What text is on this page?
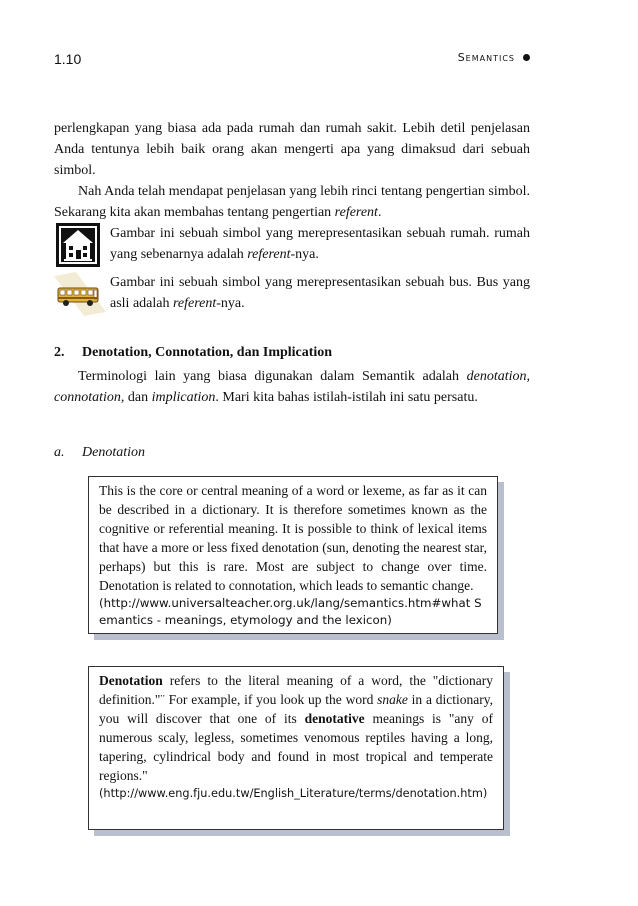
1.10	Semantics

perlengkapan yang biasa ada pada rumah dan rumah sakit. Lebih detil penjelasan Anda tentunya lebih baik orang akan mengerti apa yang dimaksud dari sebuah simbol.

Nah Anda telah mendapat penjelasan yang lebih rinci tentang pengertian simbol. Sekarang kita akan membahas tentang pengertian referent.

Gambar ini sebuah simbol yang merepresentasikan sebuah rumah. rumah yang sebenarnya adalah referent-nya.
Gambar ini sebuah simbol yang merepresentasikan sebuah bus. Bus yang asli adalah referent-nya.
2. Denotation, Connotation, dan Implication

Terminologi lain yang biasa digunakan dalam Semantik adalah denotation, connotation, dan implication. Mari kita bahas istilah-istilah ini satu persatu.

a. Denotation

This is the core or central meaning of a word or lexeme, as far as it can be described in a dictionary. It is therefore sometimes known as the cognitive or referential meaning. It is possible to think of lexical items that have a more or less fixed denotation (sun, denoting the nearest star, perhaps) but this is rare. Most are subject to change over time. Denotation is related to connotation, which leads to semantic change.

(http://www.universalteacher.org.uk/lang/semantics.htm#what Semantics - meanings, etymology and the lexicon)

Denotation refers to the literal meaning of a word, the "dictionary definition."¨ For example, if you look up the word snake in a dictionary, you will discover that one of its denotative meanings is "any of numerous scaly, legless, sometimes venomous reptiles having a long, tapering, cylindrical body and found in most tropical and temperate regions."

(http://www.eng.fju.edu.tw/English_Literature/terms/denotation.htm)
